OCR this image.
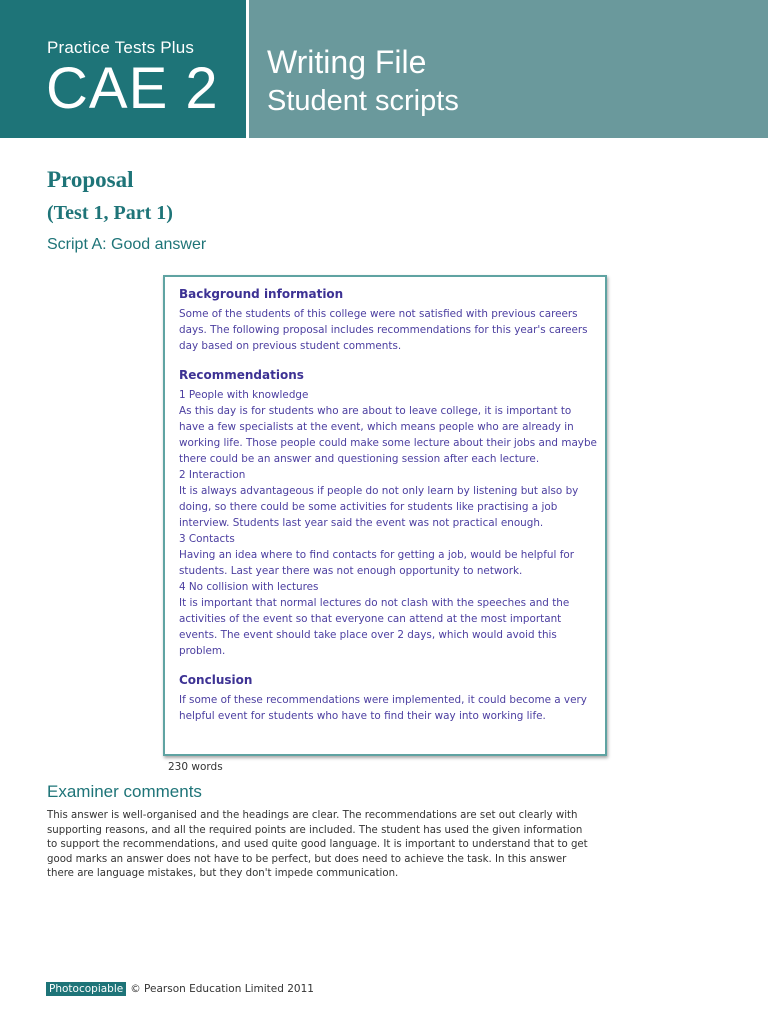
Practice Tests Plus
CAE 2 Writing File
Student scripts
Proposal
(Test 1, Part 1)
Script A: Good answer

Background information

Some of the students of this college were not satisfied with previous careers days. The following proposal includes recommendations for this year's careers day based on previous student comments.

Recommendations

1 People with knowledge

As this day is for students who are about to leave college, it is important to have a few specialists at the event, which means people who are already in working life. Those people could make some lecture about their jobs and maybe there could be an answer and questioning session after each lecture.

2 Interaction

It is always advantageous if people do not only learn by listening but also by doing, so there could be some activities for students like practising a job interview. Students last year said the event was not practical enough.

3 Contacts

Having an idea where to find contacts for getting a job, would be helpful for students. Last year there was not enough opportunity to network.

4 No collision with lectures

It is important that normal lectures do not clash with the speeches and the activities of the event so that everyone can attend at the most important events. The event should take place over 2 days, which would avoid this problem.

Conclusion

If some of these recommendations were implemented, it could become a very helpful event for students who have to find their way into working life.

230 words
Examiner comments

This answer is well-organised and the headings are clear. The recommendations are set out clearly with supporting reasons, and all the required points are included. The student has used the given information to support the recommendations, and used quite good language. It is important to understand that to get good marks an answer does not have to be perfect, but does need to achieve the task. In this answer there are language mistakes, but they don't impede communication.

Photocopiable © Pearson Education Limited 2011
